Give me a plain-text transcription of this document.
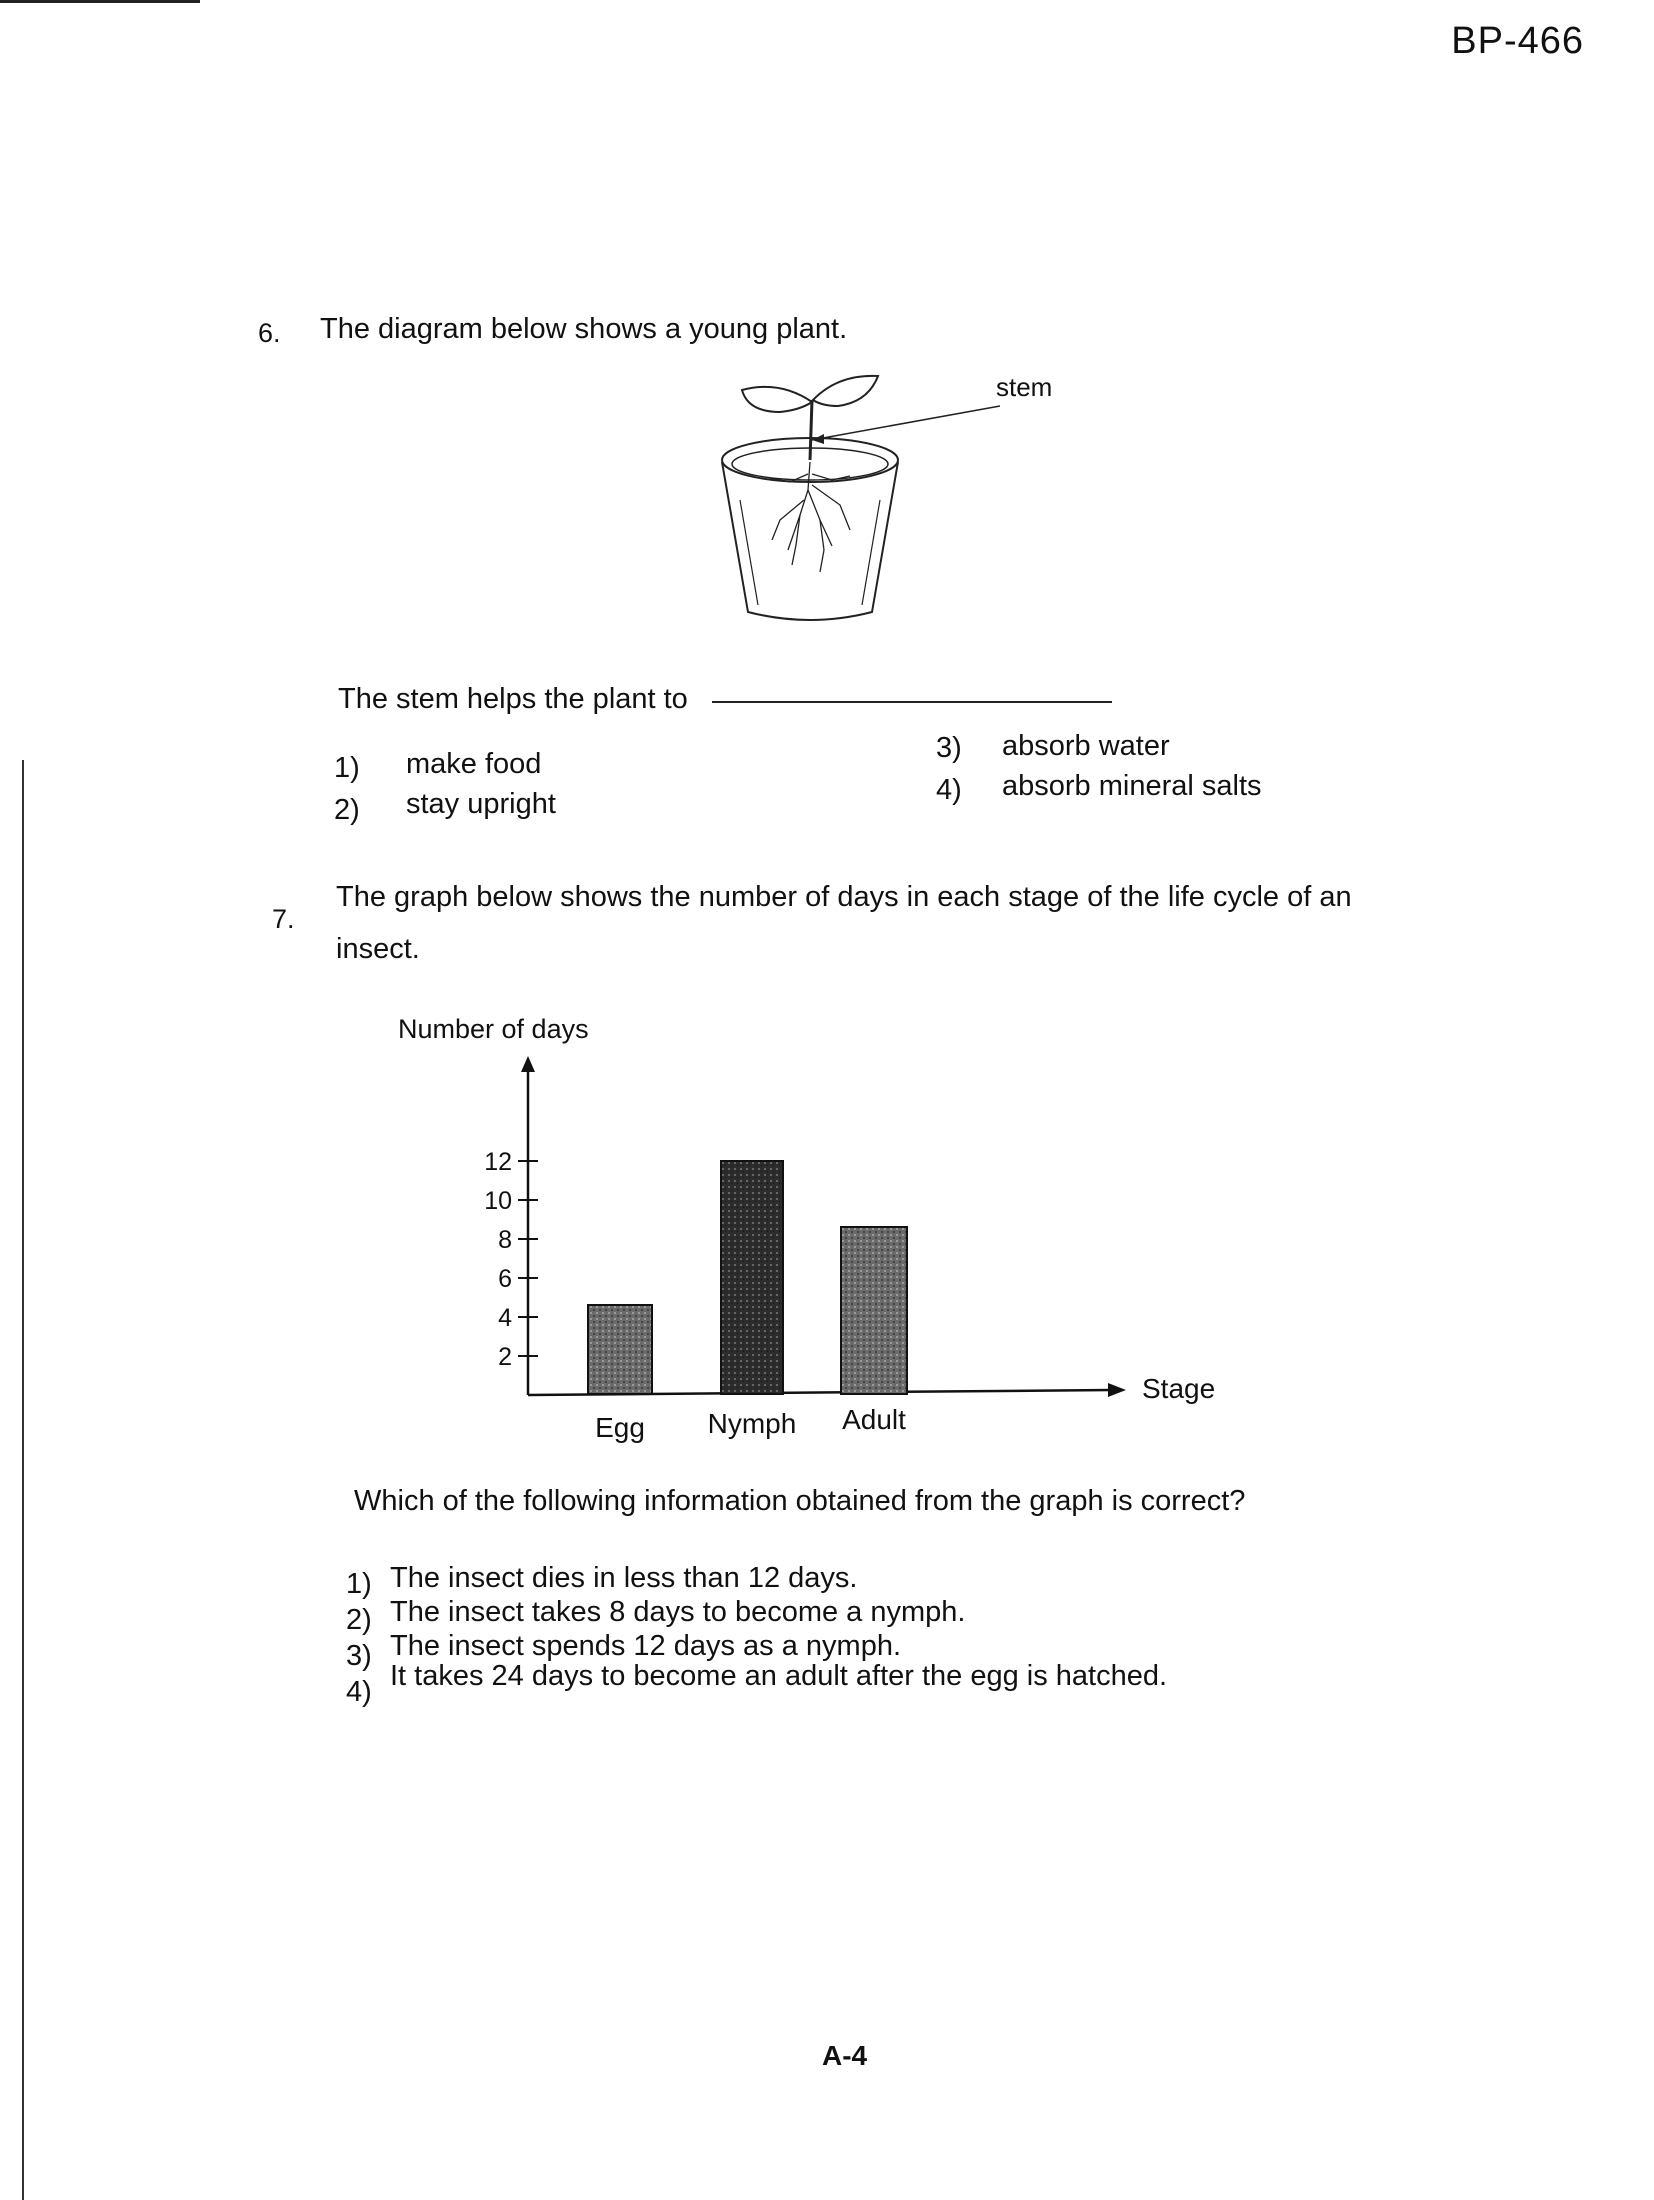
BP-466
6. The diagram below shows a young plant.
stem
The stem helps the plant to
1) make food
2) stay upright
3) absorb water
4) absorb mineral salts
7.
The graph below shows the number of days in each stage of the life cycle of an
insect.
Number of days
Stage
2
4
6
8
10
12
Egg Nymph Adult
Which of the following information obtained from the graph is correct?
1) The insect dies in less than 12 days.
2) The insect takes 8 days to become a nymph.
3) The insect spends 12 days as a nymph.
4) It takes 24 days to become an adult after the egg is hatched.
A-4
